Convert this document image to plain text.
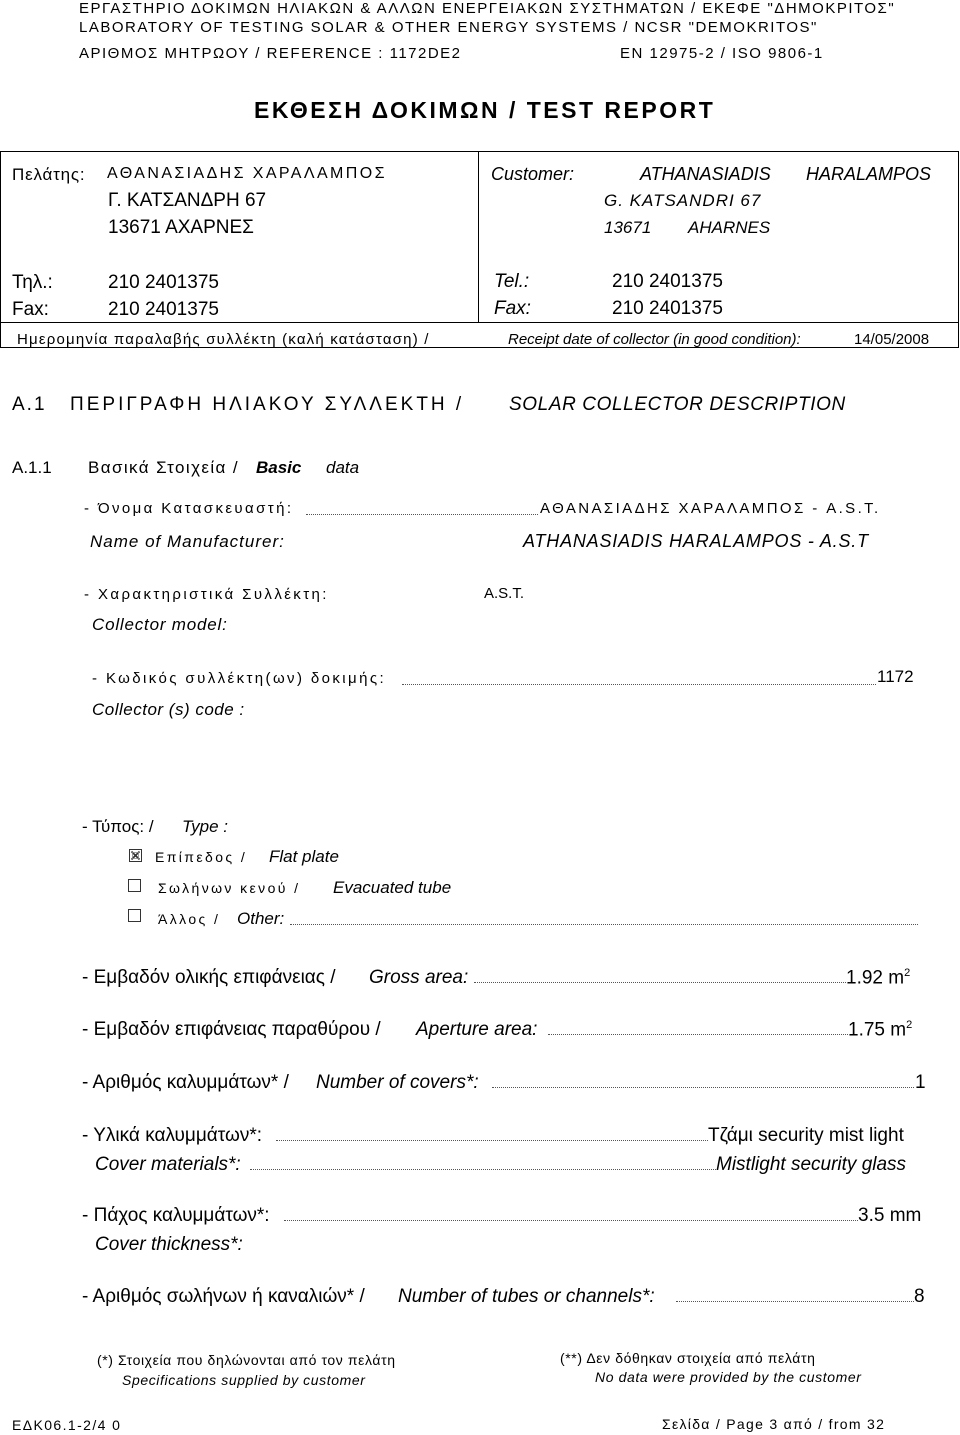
ΕΡΓΑΣΤΗΡΙΟ ΔΟΚΙΜΩΝ ΗΛΙΑΚΩΝ & ΑΛΛΩΝ ΕΝΕΡΓΕΙΑΚΩΝ ΣΥΣΤΗΜΑΤΩΝ / ΕΚΕΦΕ "ΔΗΜΟΚΡΙΤΟΣ"
LABORATORY OF TESTING SOLAR & OTHER ENERGY SYSTEMS / NCSR "DEMOKRITOS"
ΑΡΙΘΜΟΣ ΜΗΤΡΩΟΥ / REFERENCE : 1172DE2	EN 12975-2 / ISO 9806-1
ΕΚΘΕΣΗ ΔΟΚΙΜΩΝ / TEST REPORT
Πελάτης: ΑΘΑΝΑΣΙΑΔΗΣ ΧΑΡΑΛΑΜΠΟΣ
Γ. ΚΑΤΣΑΝΔΡΗ 67
13671 ΑΧΑΡΝΕΣ
Τηλ.:	210 2401375
Fax:	210 2401375
Customer:	ATHANASIADIS HARALAMPOS
G. KATSANDRI 67
13671 AHARNES
Tel.:	210 2401375
Fax:	210 2401375
Ημερομηνία παραλαβής συλλέκτη (καλή κατάσταση) /	Receipt date of collector (in good condition):	14/05/2008
A.1 ΠΕΡΙΓΡΑΦΗ ΗΛΙΑΚΟΥ ΣΥΛΛΕΚΤΗ / SOLAR COLLECTOR DESCRIPTION
A.1.1 Βασικά Στοιχεία / Basic data
- Όνομα Κατασκευαστή:	ΑΘΑΝΑΣΙΑΔΗΣ ΧΑΡΑΛΑΜΠΟΣ - A.S.T.
Name of Manufacturer:	ATHANASIADIS HARALAMPOS - A.S.T
- Χαρακτηριστικά Συλλέκτη:	A.S.T.
Collector model:
- Κωδικός συλλέκτη(ων) δοκιμής:	1172
Collector (s) code :
- Τύπος: / Type :
Επίπεδος / Flat plate
Σωλήνων κενού / Evacuated tube
Άλλος / Other:
- Εμβαδόν ολικής επιφάνειας / Gross area:	1.92 $m^2$
- Εμβαδόν επιφάνειας παραθύρου / Aperture area:	1.75 $m^2$
- Αριθμός καλυμμάτων* / Number of covers*:	1
- Υλικά καλυμμάτων*:	Τζάμι security mist light
Cover materials*:	Mistlight security glass
- Πάχος καλυμμάτων*:	3.5 mm
Cover thickness*:
- Αριθμός σωλήνων ή καναλιών* / Number of tubes or channels*:	8
(*) Στοιχεία που δηλώνονται από τον πελάτη
Specifications supplied by customer
(**) Δεν δόθηκαν στοιχεία από πελάτη
No data were provided by the customer
ΕΔΚ06.1-2/4 0	Σελίδα / Page 3 από / from 32
